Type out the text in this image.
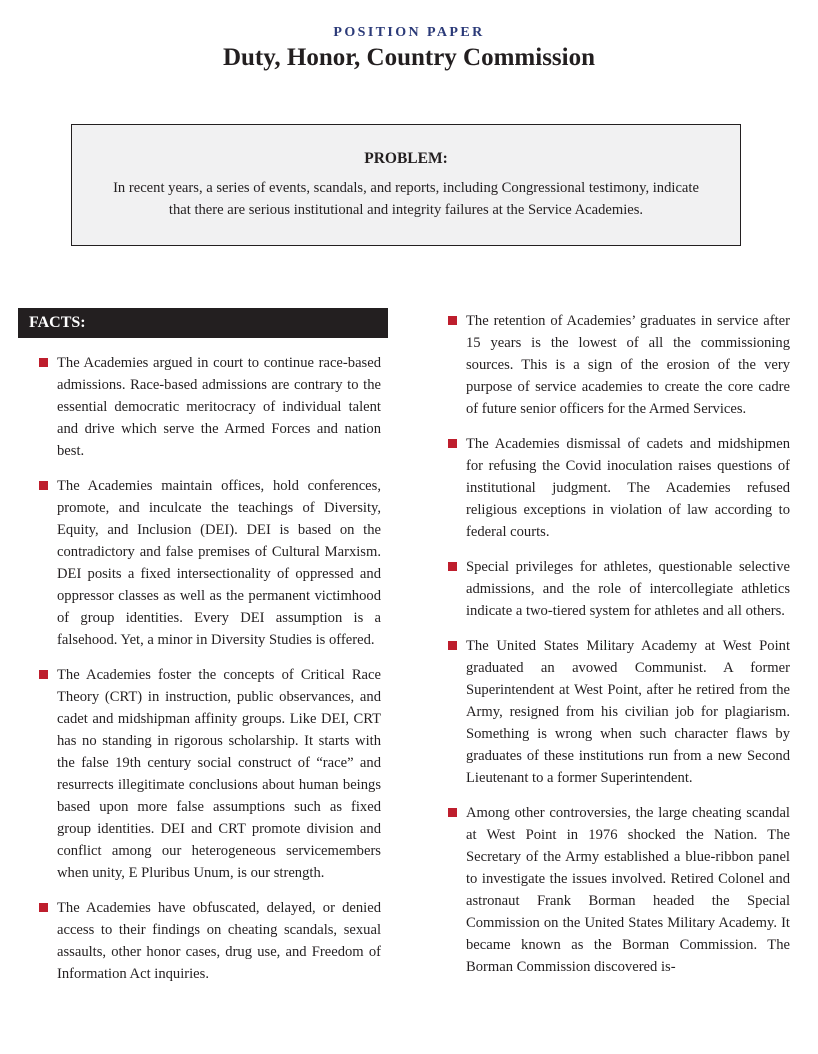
POSITION PAPER
Duty, Honor, Country Commission
PROBLEM:
In recent years, a series of events, scandals, and reports, including Congressional testimony, indicate that there are serious institutional and integrity failures at the Service Academies.
FACTS:
The Academies argued in court to continue race-based admissions. Race-based admissions are contrary to the essential democratic meritocracy of individual talent and drive which serve the Armed Forces and nation best.
The Academies maintain offices, hold conferences, promote, and inculcate the teachings of Diversity, Equity, and Inclusion (DEI). DEI is based on the contradictory and false premises of Cultural Marxism. DEI posits a fixed intersectionality of oppressed and oppressor classes as well as the permanent victimhood of group identities. Every DEI assumption is a falsehood. Yet, a minor in Diversity Studies is offered.
The Academies foster the concepts of Critical Race Theory (CRT) in instruction, public observances, and cadet and midshipman affinity groups. Like DEI, CRT has no standing in rigorous scholarship. It starts with the false 19th century social construct of “race” and resurrects illegitimate conclusions about human beings based upon more false assumptions such as fixed group identities. DEI and CRT promote division and conflict among our heterogeneous servicemembers when unity, E Pluribus Unum, is our strength.
The Academies have obfuscated, delayed, or denied access to their findings on cheating scandals, sexual assaults, other honor cases, drug use, and Freedom of Information Act inquiries.
The retention of Academies’ graduates in service after 15 years is the lowest of all the commissioning sources. This is a sign of the erosion of the very purpose of service academies to create the core cadre of future senior officers for the Armed Services.
The Academies dismissal of cadets and midshipmen for refusing the Covid inoculation raises questions of institutional judgment. The Academies refused religious exceptions in violation of law according to federal courts.
Special privileges for athletes, questionable selective admissions, and the role of intercollegiate athletics indicate a two-tiered system for athletes and all others.
The United States Military Academy at West Point graduated an avowed Communist. A former Superintendent at West Point, after he retired from the Army, resigned from his civilian job for plagiarism. Something is wrong when such character flaws by graduates of these institutions run from a new Second Lieutenant to a former Superintendent.
Among other controversies, the large cheating scandal at West Point in 1976 shocked the Nation. The Secretary of the Army established a blue-ribbon panel to investigate the issues involved. Retired Colonel and astronaut Frank Borman headed the Special Commission on the United States Military Academy. It became known as the Borman Commission. The Borman Commission discovered is-
